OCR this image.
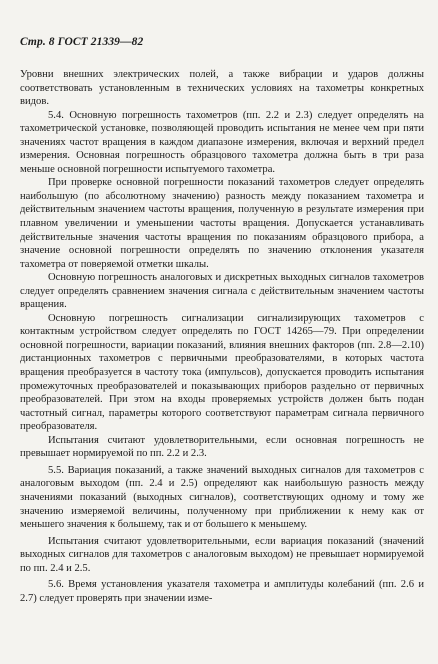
Стр. 8 ГОСТ 21339—82

Уровни внешних электрических полей, а также вибрации и ударов должны соответствовать установленным в технических условиях на тахометры конкретных видов.

5.4. Основную погрешность тахометров (пп. 2.2 и 2.3) следует определять на тахометрической установке, позволяющей проводить испытания не менее чем при пяти значениях частот вращения в каждом диапазоне измерения, включая и верхний предел измерения. Основная погрешность образцового тахометра должна быть в три раза меньше основной погрешности испытуемого тахометра.

При проверке основной погрешности показаний тахометров следует определять наибольшую (по абсолютному значению) разность между показанием тахометра и действительным значением частоты вращения, полученную в результате измерения при плавном увеличении и уменьшении частоты вращения. Допускается устанавливать действительные значения частоты вращения по показаниям образцового прибора, а значение основной погрешности определять по значению отклонения указателя тахометра от поверяемой отметки шкалы.

Основную погрешность аналоговых и дискретных выходных сигналов тахометров следует определять сравнением значения сигнала с действительным значением частоты вращения.

Основную погрешность сигнализации сигнализирующих тахометров с контактным устройством следует определять по ГОСТ 14265—79. При определении основной погрешности, вариации показаний, влияния внешних факторов (пп. 2.8—2.10) дистанционных тахометров с первичными преобразователями, в которых частота вращения преобразуется в частоту тока (импульсов), допускается проводить испытания промежуточных преобразователей и показывающих приборов раздельно от первичных преобразователей. При этом на входы проверяемых устройств должен быть подан частотный сигнал, параметры которого соответствуют параметрам сигнала первичного преобразователя.

Испытания считают удовлетворительными, если основная погрешность не превышает нормируемой по пп. 2.2 и 2.3.

5.5. Вариация показаний, а также значений выходных сигналов для тахометров с аналоговым выходом (пп. 2.4 и 2.5) определяют как наибольшую разность между значениями показаний (выходных сигналов), соответствующих одному и тому же значению измеряемой величины, полученному при приближении к нему как от меньшего значения к большему, так и от большего к меньшему.

Испытания считают удовлетворительными, если вариация показаний (значений выходных сигналов для тахометров с аналоговым выходом) не превышает нормируемой по пп. 2.4 и 2.5.

5.6. Время установления указателя тахометра и амплитуды колебаний (пп. 2.6 и 2.7) следует проверять при значении изме-
